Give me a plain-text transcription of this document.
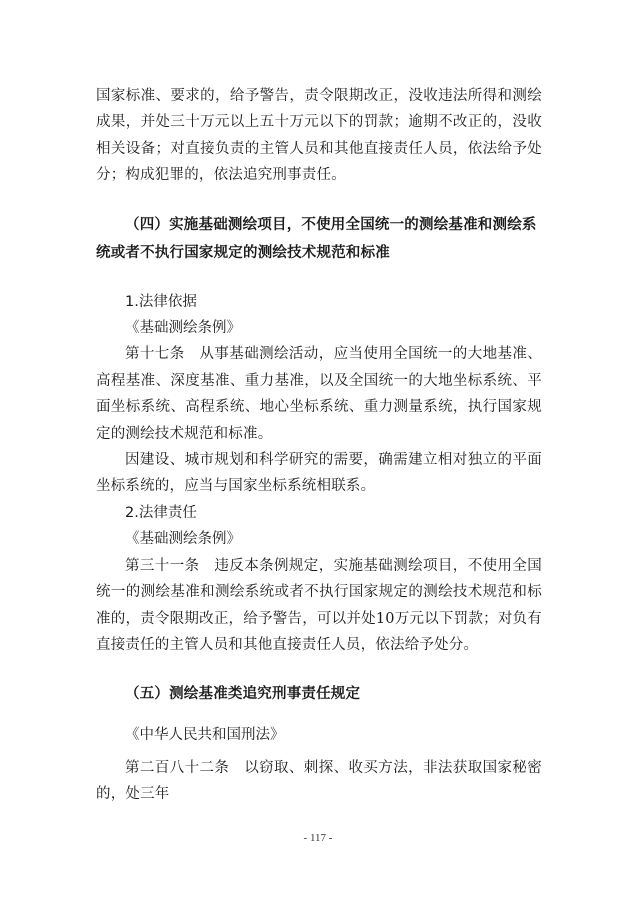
国家标准、要求的，给予警告，责令限期改正，没收违法所得和测绘成果，并处三十万元以上五十万元以下的罚款；逾期不改正的，没收相关设备；对直接负责的主管人员和其他直接责任人员，依法给予处分；构成犯罪的，依法追究刑事责任。

（四）实施基础测绘项目，不使用全国统一的测绘基准和测绘系统或者不执行国家规定的测绘技术规范和标准

1.法律依据

《基础测绘条例》

第十七条　从事基础测绘活动，应当使用全国统一的大地基准、高程基准、深度基准、重力基准，以及全国统一的大地坐标系统、平面坐标系统、高程系统、地心坐标系统、重力测量系统，执行国家规定的测绘技术规范和标准。

因建设、城市规划和科学研究的需要，确需建立相对独立的平面坐标系统的，应当与国家坐标系统相联系。

2.法律责任

《基础测绘条例》

第三十一条　违反本条例规定，实施基础测绘项目，不使用全国统一的测绘基准和测绘系统或者不执行国家规定的测绘技术规范和标准的，责令限期改正，给予警告，可以并处10万元以下罚款；对负有直接责任的主管人员和其他直接责任人员，依法给予处分。

（五）测绘基准类追究刑事责任规定

《中华人民共和国刑法》

第二百八十二条　以窃取、刺探、收买方法，非法获取国家秘密的，处三年

- 117 -
